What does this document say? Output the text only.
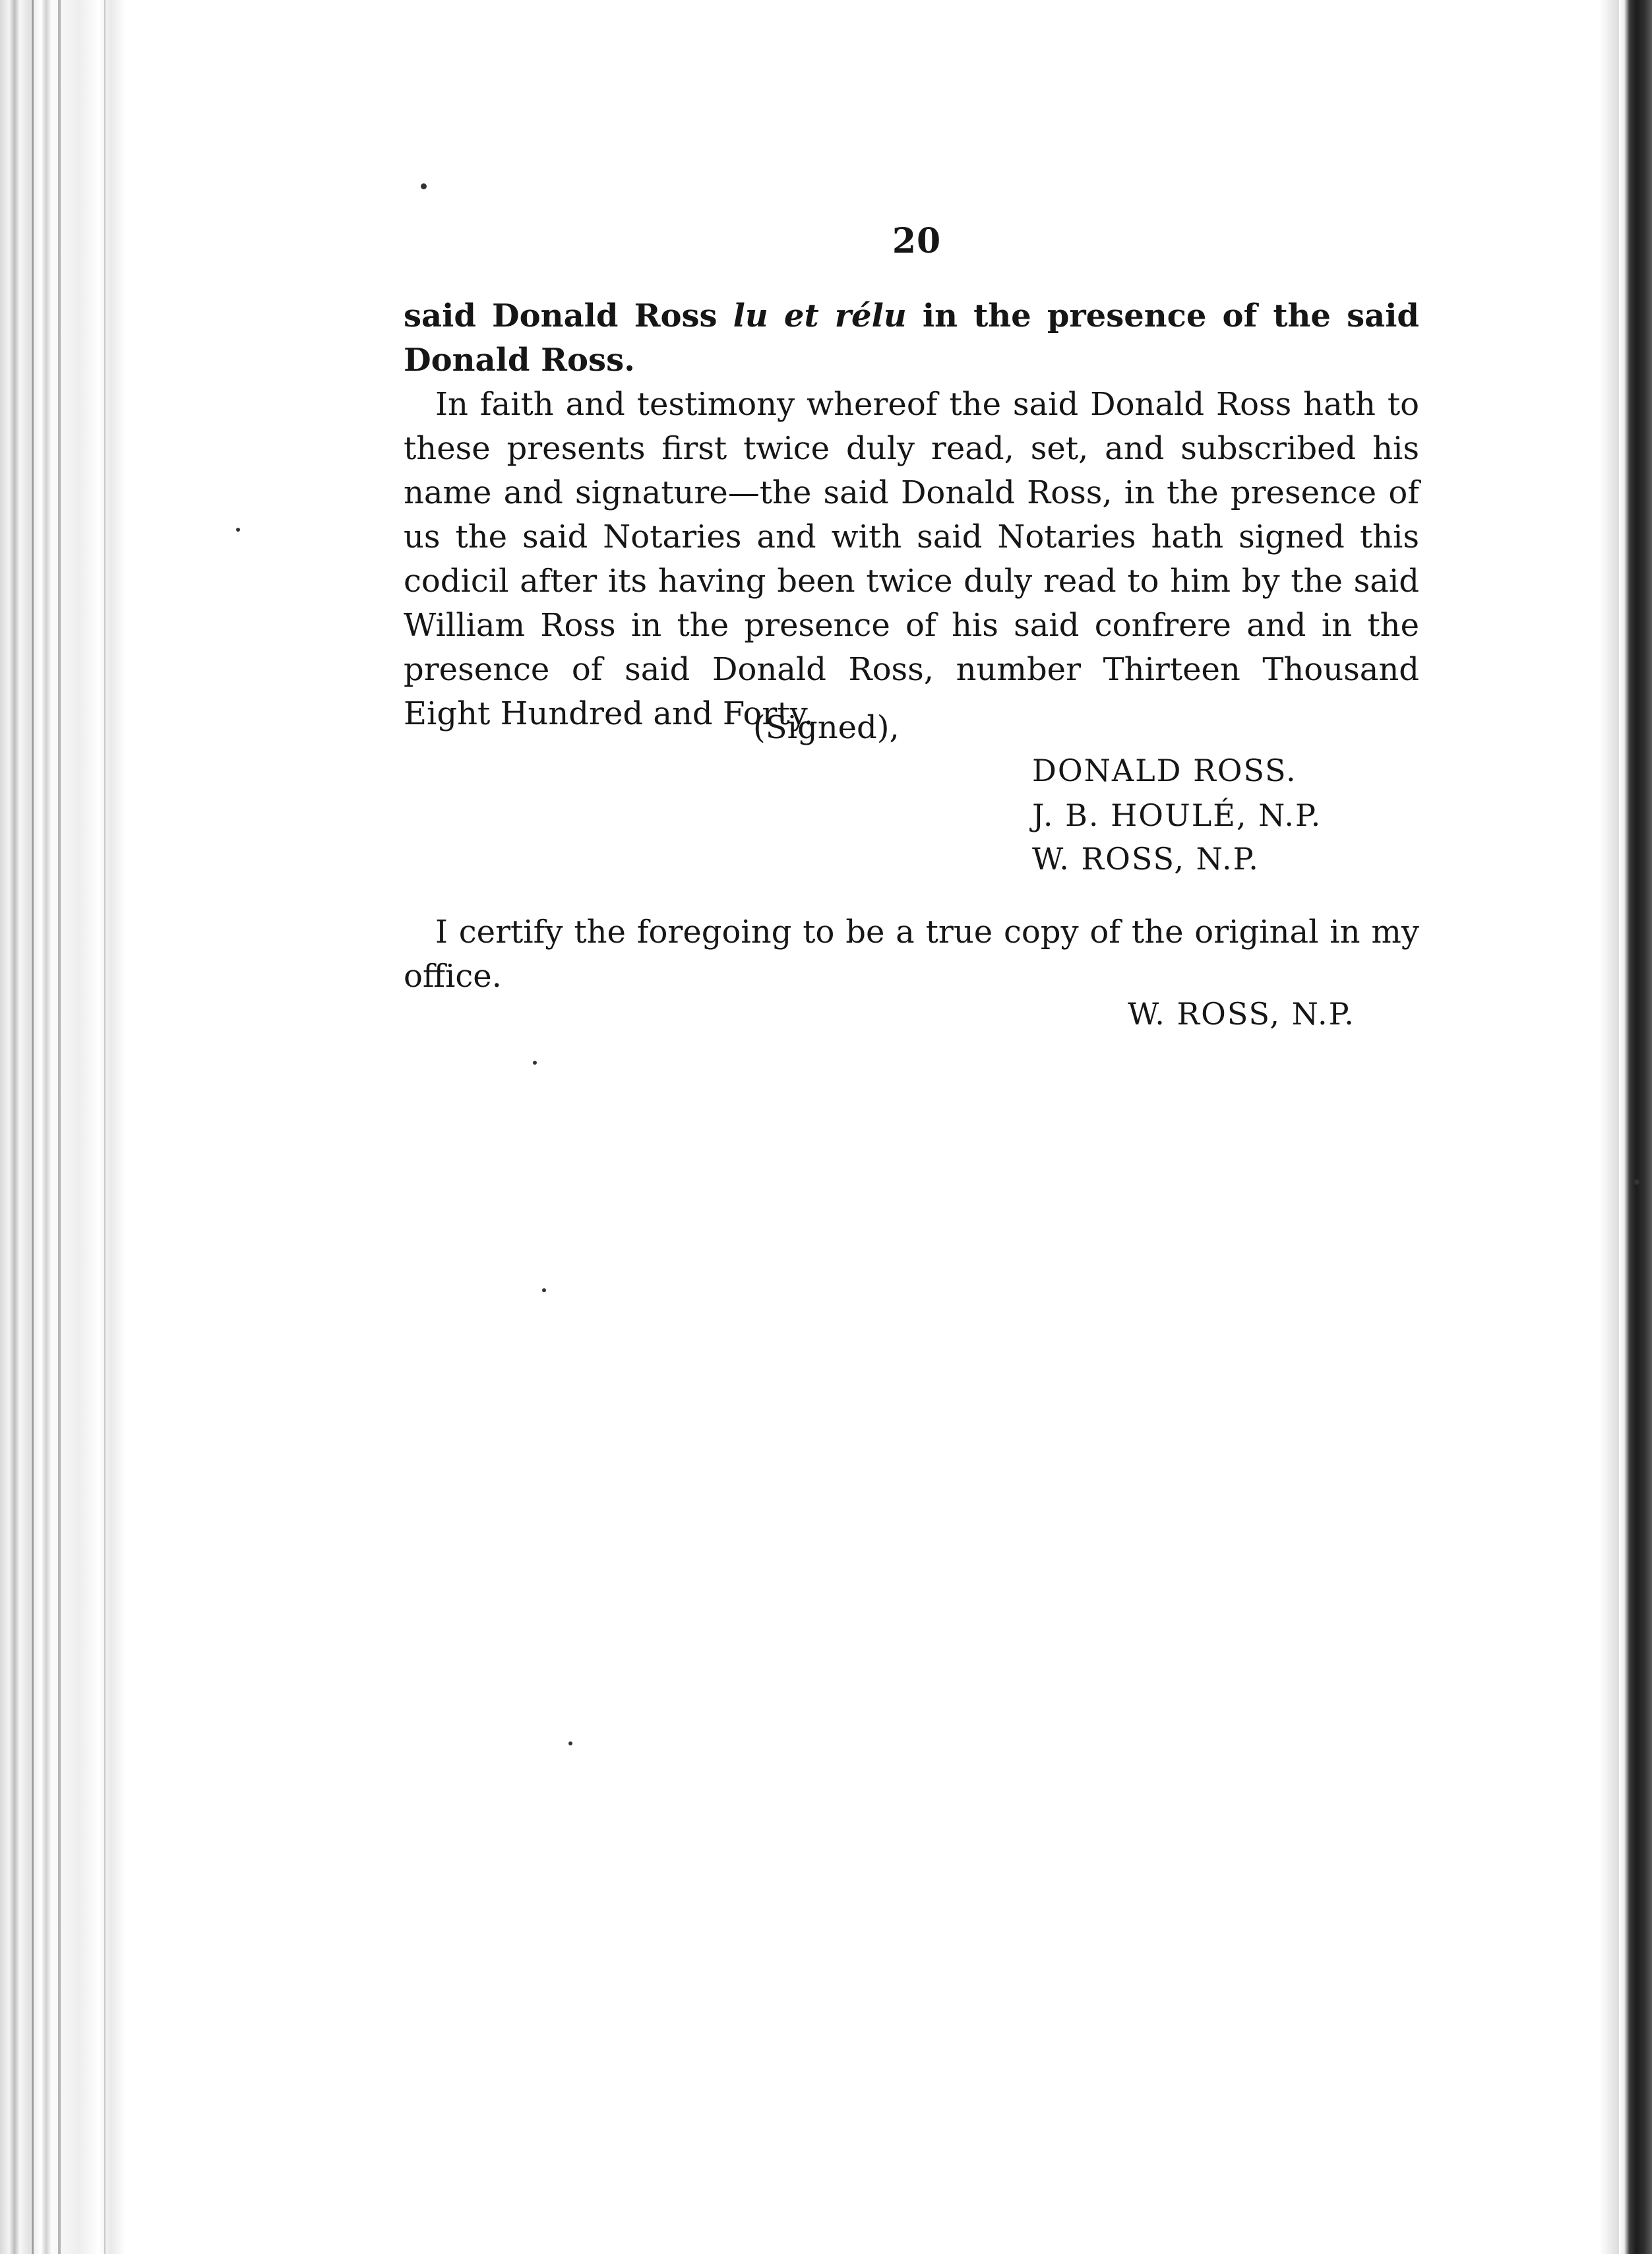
20

said Donald Ross lu et rélu in the presence of the said Donald Ross.

In faith and testimony whereof the said Donald Ross hath to these presents first twice duly read, set, and subscribed his name and signature—the said Donald Ross, in the presence of us the said Notaries and with said Notaries hath signed this codicil after its having been twice duly read to him by the said William Ross in the presence of his said confrere and in the presence of said Donald Ross, number Thirteen Thousand Eight Hundred and Forty.

(Signed),
DONALD ROSS.
J. B. HOULÉ, N.P.
W. ROSS, N.P.

I certify the foregoing to be a true copy of the original in my office.

W. ROSS, N.P.
